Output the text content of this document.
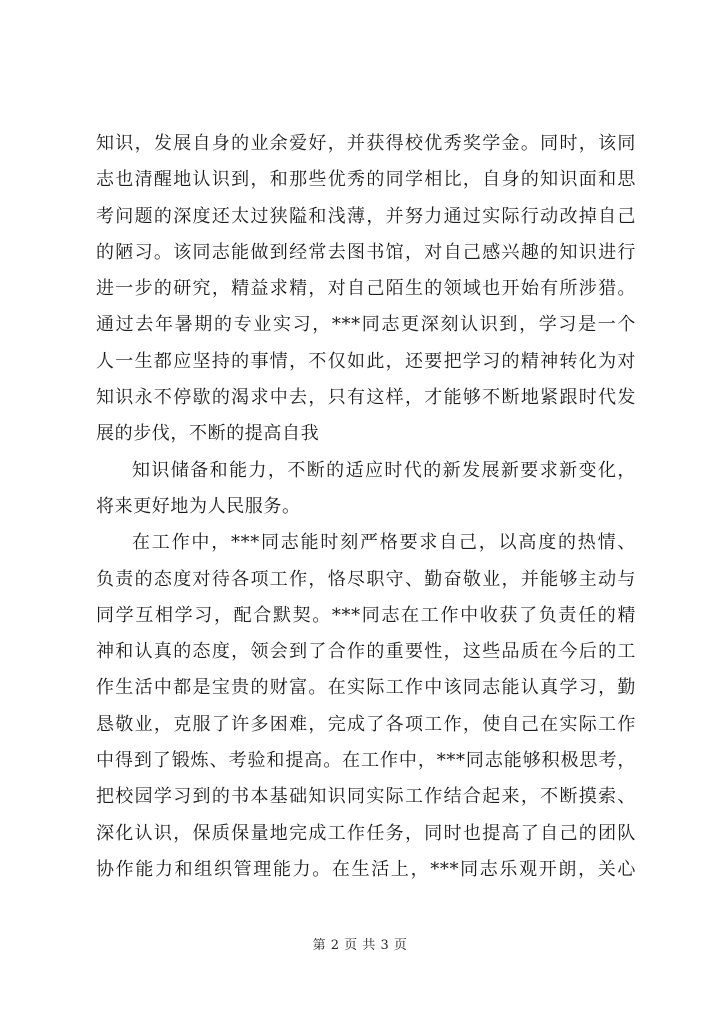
知识，发展自身的业余爱好，并获得校优秀奖学金。同时，该同
志也清醒地认识到，和那些优秀的同学相比，自身的知识面和思
考问题的深度还太过狭隘和浅薄，并努力通过实际行动改掉自己
的陋习。该同志能做到经常去图书馆，对自己感兴趣的知识进行
进一步的研究，精益求精，对自己陌生的领域也开始有所涉猎。
通过去年暑期的专业实习，***同志更深刻认识到，学习是一个
人一生都应坚持的事情，不仅如此，还要把学习的精神转化为对
知识永不停歇的渴求中去，只有这样，才能够不断地紧跟时代发
展的步伐，不断的提高自我
知识储备和能力，不断的适应时代的新发展新要求新变化，
将来更好地为人民服务。
在工作中，***同志能时刻严格要求自己，以高度的热情、
负责的态度对待各项工作，恪尽职守、勤奋敬业，并能够主动与
同学互相学习，配合默契。***同志在工作中收获了负责任的精
神和认真的态度，领会到了合作的重要性，这些品质在今后的工
作生活中都是宝贵的财富。在实际工作中该同志能认真学习，勤
恳敬业，克服了许多困难，完成了各项工作，使自己在实际工作
中得到了锻炼、考验和提高。在工作中，***同志能够积极思考，
把校园学习到的书本基础知识同实际工作结合起来，不断摸索、
深化认识，保质保量地完成工作任务，同时也提高了自己的团队
协作能力和组织管理能力。在生活上，***同志乐观开朗，关心
第 2 页 共 3 页
